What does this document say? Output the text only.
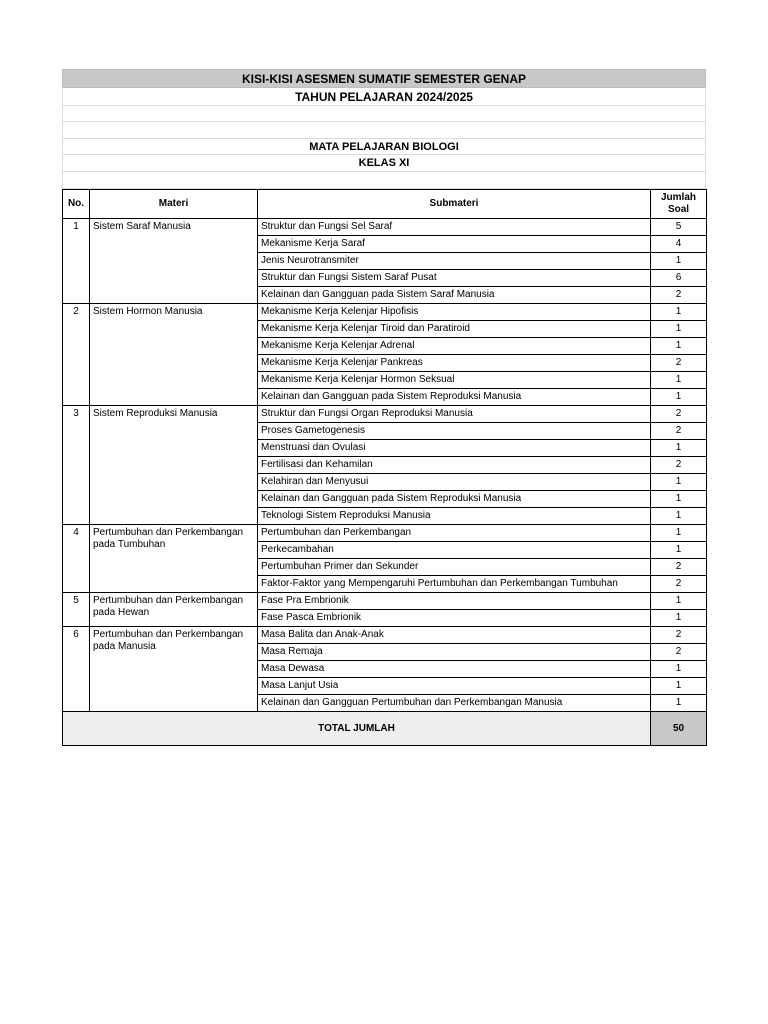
KISI-KISI ASESMEN SUMATIF SEMESTER GENAP
TAHUN PELAJARAN 2024/2025

MATA PELAJARAN BIOLOGI
KELAS XI

No.	Materi	Submateri	Jumlah
Soal
1	Sistem Saraf Manusia	Struktur dan Fungsi Sel Saraf	5
		Mekanisme Kerja Saraf	4
		Jenis Neurotransmiter	1
		Struktur dan Fungsi Sistem Saraf Pusat	6
		Kelainan dan Gangguan pada Sistem Saraf Manusia	2
2	Sistem Hormon Manusia	Mekanisme Kerja Kelenjar Hipofisis	1
		Mekanisme Kerja Kelenjar Tiroid dan Paratiroid	1
		Mekanisme Kerja Kelenjar Adrenal	1
		Mekanisme Kerja Kelenjar Pankreas	2
		Mekanisme Kerja Kelenjar Hormon Seksual	1
		Kelainan dan Gangguan pada Sistem Reproduksi Manusia	1
3	Sistem Reproduksi Manusia	Struktur dan Fungsi Organ Reproduksi Manusia	2
		Proses Gametogenesis	2
		Menstruasi dan Ovulasi	1
		Fertilisasi dan Kehamilan	2
		Kelahiran dan Menyusui	1
		Kelainan dan Gangguan pada Sistem Reproduksi Manusia	1
		Teknologi Sistem Reproduksi Manusia	1
4	Pertumbuhan dan Perkembangan pada Tumbuhan	Pertumbuhan dan Perkembangan	1
		Perkecambahan	1
		Pertumbuhan Primer dan Sekunder	2
		Faktor-Faktor yang Mempengaruhi Pertumbuhan dan Perkembangan Tumbuhan	2
5	Pertumbuhan dan Perkembangan pada Hewan	Fase Pra Embrionik	1
		Fase Pasca Embrionik	1
6	Pertumbuhan dan Perkembangan pada Manusia	Masa Balita dan Anak-Anak	2
		Masa Remaja	2
		Masa Dewasa	1
		Masa Lanjut Usia	1
		Kelainan dan Gangguan Pertumbuhan dan Perkembangan Manusia	1
TOTAL JUMLAH			50
